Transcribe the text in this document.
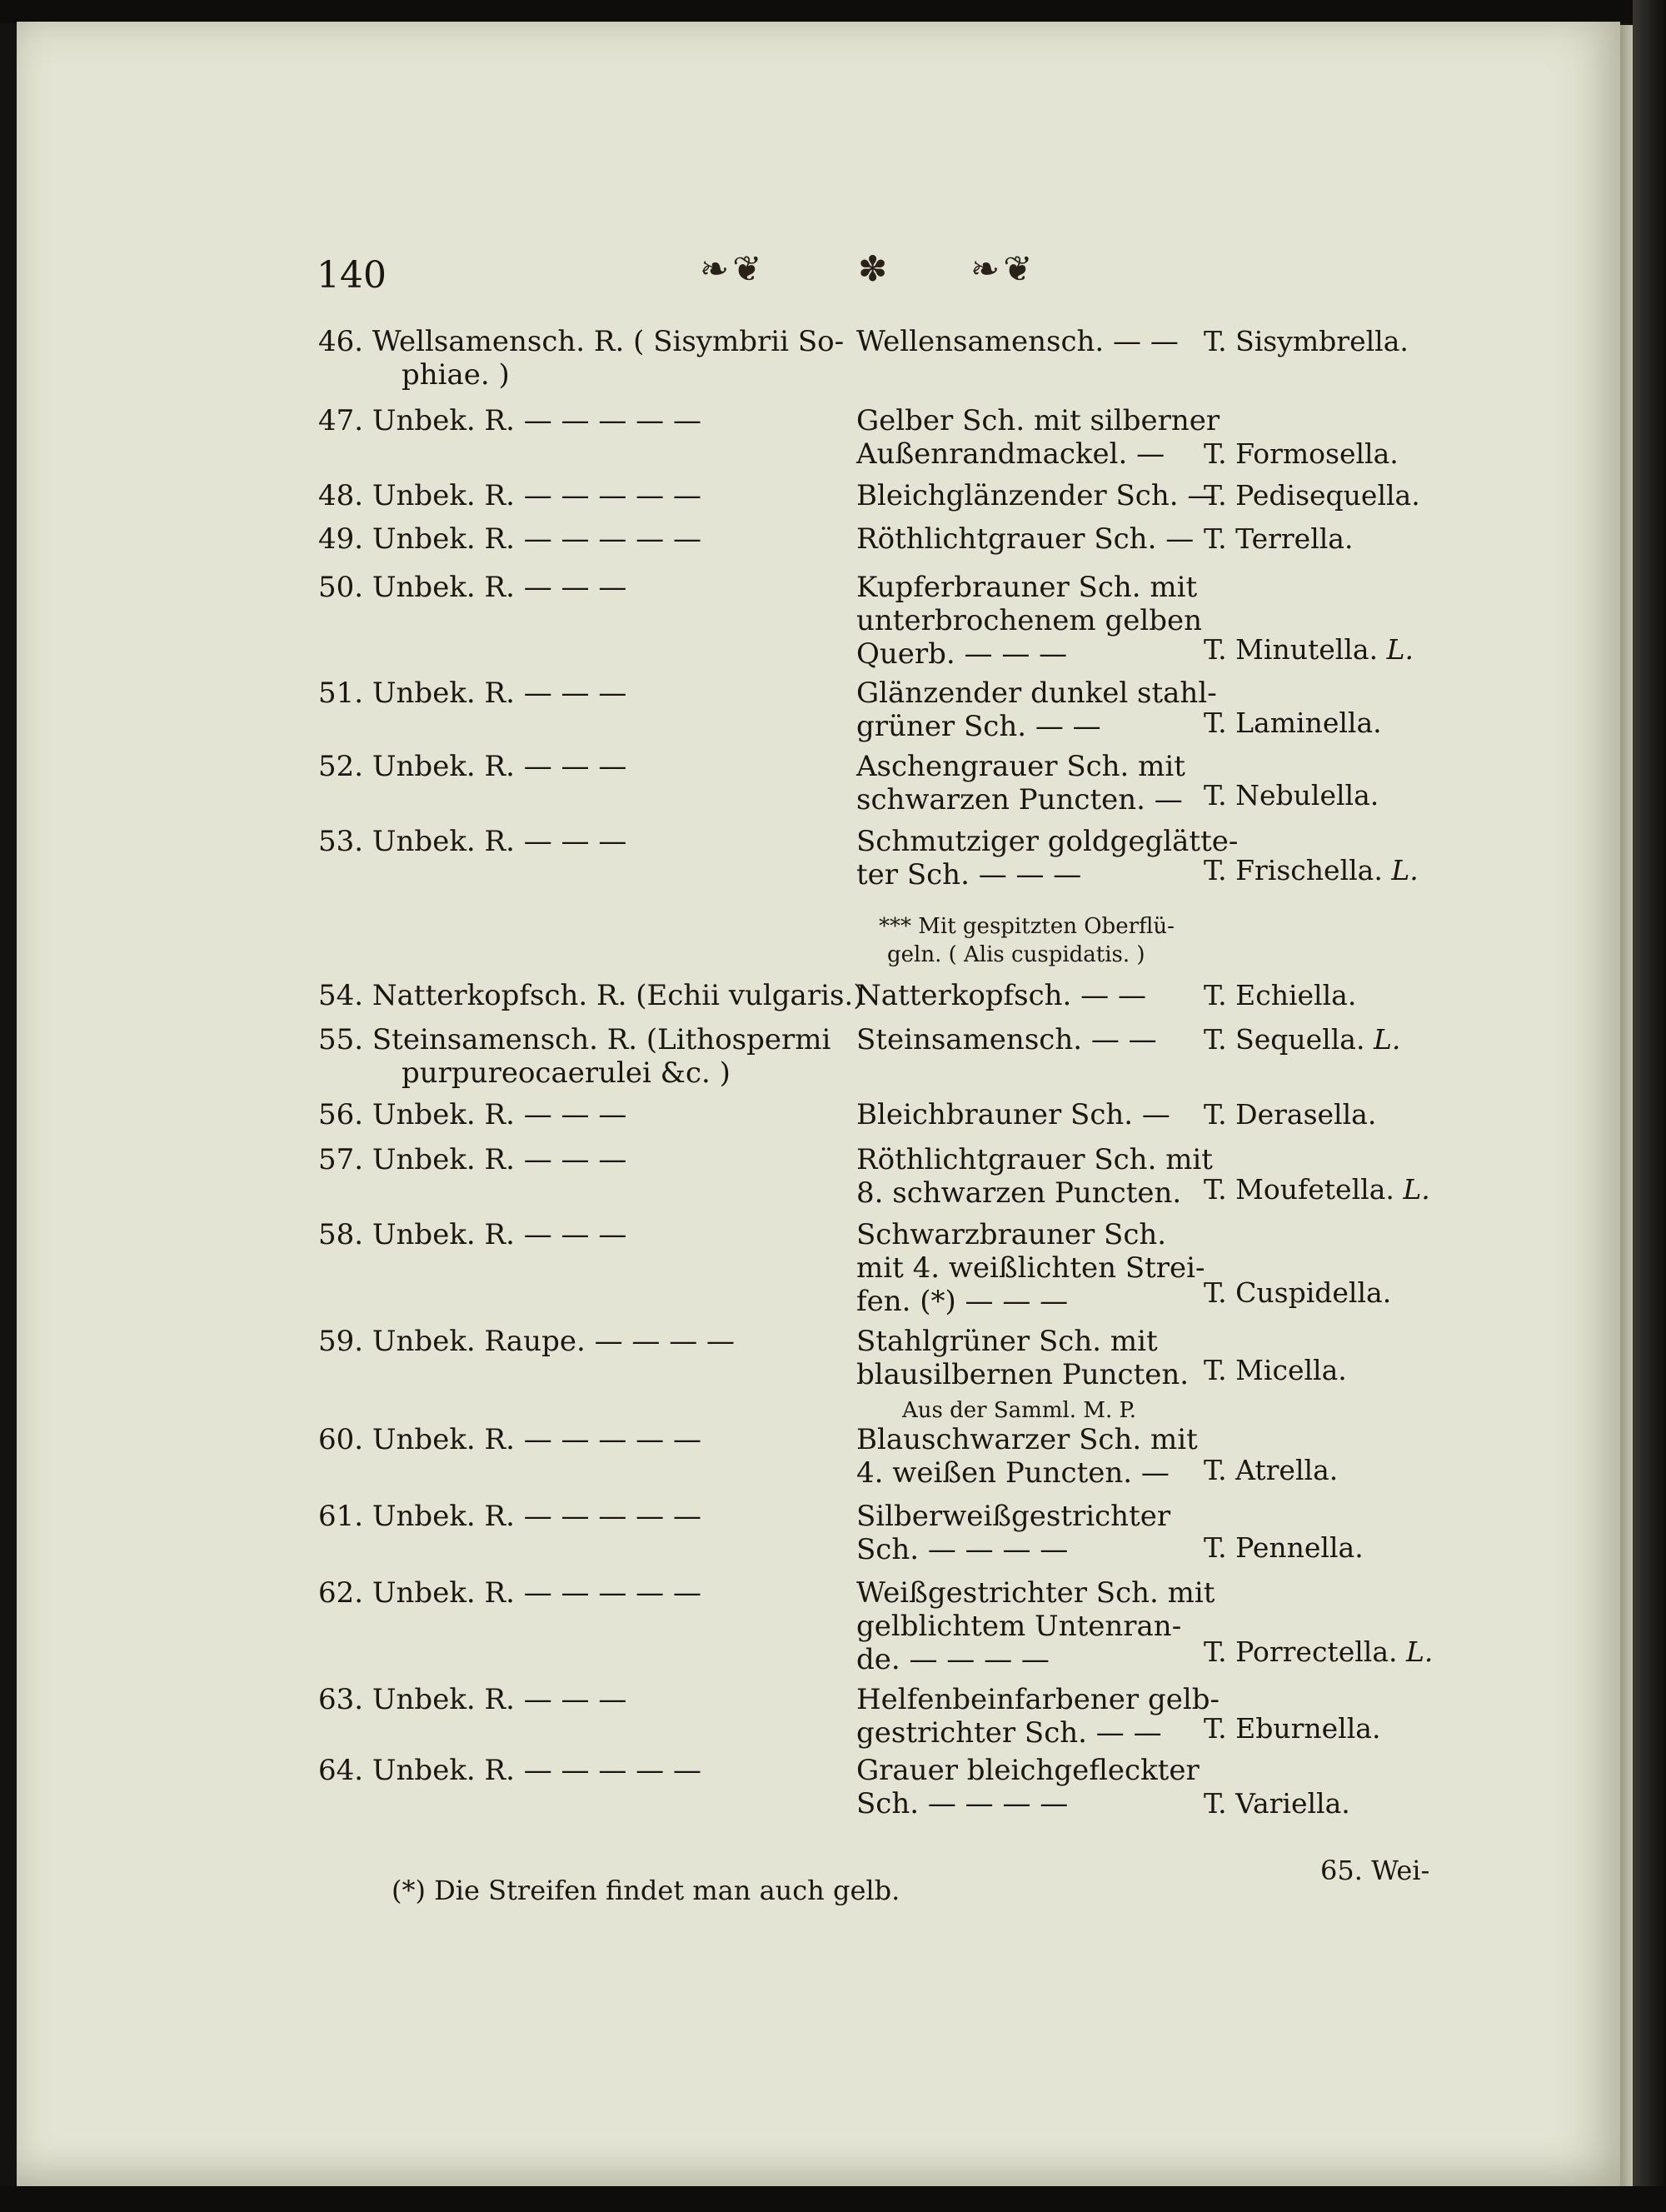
140	❧❦	✽ ❧❦
46. Wellsamensch. R. ( Sisymbrii So-
phiae. )
Wellensamensch. — — T. Sisymbrella.
47. Unbek. R. — — — — —	Gelber Sch. mit silberner
Außenrandmackel. —	T. Formosella.
48. Unbek. R. — — — — —	Bleichglänzender Sch. —
T. Pedisequella.
49. Unbek. R. — — — — —	Röthlichtgrauer Sch. — T. Terrella.
50. Unbek. R. — — —	Kupferbrauner Sch. mit
unterbrochenem gelben
Querb. — — —	T. Minutella. L.
51. Unbek. R. — — —	Glänzender dunkel stahl-
grüner Sch. — —	T. Laminella.
52. Unbek. R. — — —	Aschengrauer Sch. mit
schwarzen Puncten. — T. Nebulella.
53. Unbek. R. — — —	Schmutziger goldgeglätte-
ter Sch. — — —	T. Frischella. L.
*** Mit gespitzten Oberflü-
geln. ( Alis cuspidatis. )
54. Natterkopfsch. R. (Echii vulgaris.)
Natterkopfsch. — —	T. Echiella.
55. Steinsamensch. R. (Lithospermi
purpureocaerulei &c. )
Steinsamensch. — —	T. Sequella. L.
56. Unbek. R. — — —	Bleichbrauner Sch. —	T. Derasella.
57. Unbek. R. — — —	Röthlichtgrauer Sch. mit
8. schwarzen Puncten. T. Moufetella. L.
58. Unbek. R. — — —	Schwarzbrauner Sch.
mit 4. weißlichten Strei-
fen. (*) — — —	T. Cuspidella.
59. Unbek. Raupe. — — — —	Stahlgrüner Sch. mit
blausilbernen Puncten.
Aus der Samml. M. P.
T. Micella.
60. Unbek. R. — — — — —	Blauschwarzer Sch. mit
4. weißen Puncten. —	T. Atrella.
61. Unbek. R. — — — — —	Silberweißgestrichter
Sch. — — — —	T. Pennella.
62. Unbek. R. — — — — —	Weißgestrichter Sch. mit
gelblichtem Untenran-
de. — — — —	T. Porrectella. L.
63. Unbek. R. — — —	Helfenbeinfarbener gelb-
gestrichter Sch. — —	T. Eburnella.
64. Unbek. R. — — — — —	Grauer bleichgefleckter
Sch. — — — —	T. Variella.
65. Wei-
(*) Die Streifen findet man auch gelb.
